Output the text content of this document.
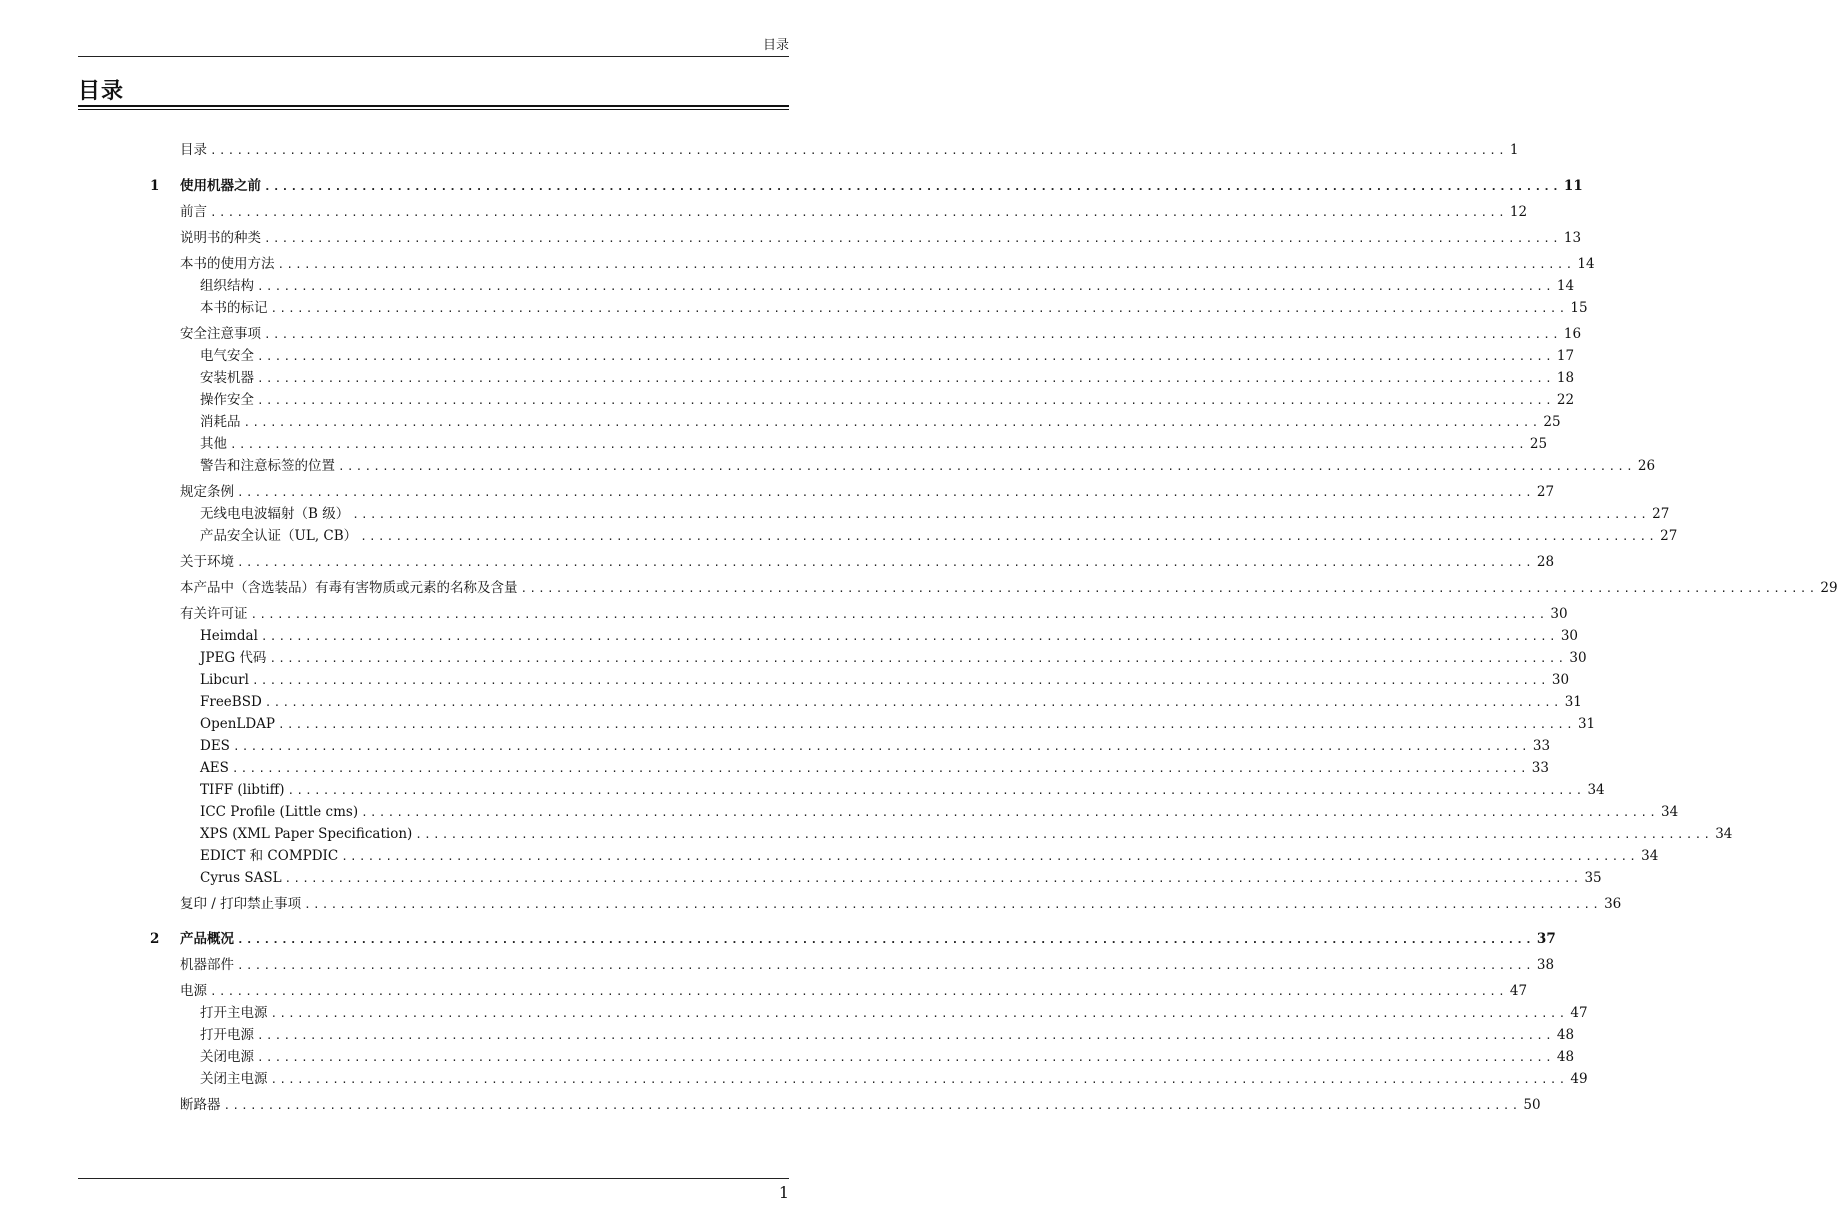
目录
目录
目录 ................................................................................................................................................... 1
1	使用机器之前 ................................................................................................................................................... 11
前言 ................................................................................................................................................... 12
说明书的种类 ................................................................................................................................................... 13
本书的使用方法 ................................................................................................................................................... 14
组织结构 ................................................................................................................................................... 14
本书的标记 ................................................................................................................................................... 15
安全注意事项 ................................................................................................................................................... 16
电气安全 ................................................................................................................................................... 17
安装机器 ................................................................................................................................................... 18
操作安全 ................................................................................................................................................... 22
消耗品 ................................................................................................................................................... 25
其他 ................................................................................................................................................... 25
警告和注意标签的位置 ................................................................................................................................................... 26
规定条例 ................................................................................................................................................... 27
无线电电波辐射（B 级） ................................................................................................................................................... 27
产品安全认证（UL, CB） ................................................................................................................................................... 27
关于环境 ................................................................................................................................................... 28
本产品中（含选装品）有毒有害物质或元素的名称及含量 ................................................................................................................................................... 29
有关许可证 ................................................................................................................................................... 30
Heimdal ................................................................................................................................................... 30
JPEG 代码 ................................................................................................................................................... 30
Libcurl ................................................................................................................................................... 30
FreeBSD ................................................................................................................................................... 31
OpenLDAP ................................................................................................................................................... 31
DES ................................................................................................................................................... 33
AES ................................................................................................................................................... 33
TIFF (libtiff) ................................................................................................................................................... 34
ICC Profile (Little cms) ................................................................................................................................................... 34
XPS (XML Paper Specification) ................................................................................................................................................... 34
EDICT 和 COMPDIC ................................................................................................................................................... 34
Cyrus SASL ................................................................................................................................................... 35
复印 / 打印禁止事项 ................................................................................................................................................... 36
2	产品概况 ................................................................................................................................................... 37
机器部件 ................................................................................................................................................... 38
电源 ................................................................................................................................................... 47
打开主电源 ................................................................................................................................................... 47
打开电源 ................................................................................................................................................... 48
关闭电源 ................................................................................................................................................... 48
关闭主电源 ................................................................................................................................................... 49
断路器 ................................................................................................................................................... 50
1
